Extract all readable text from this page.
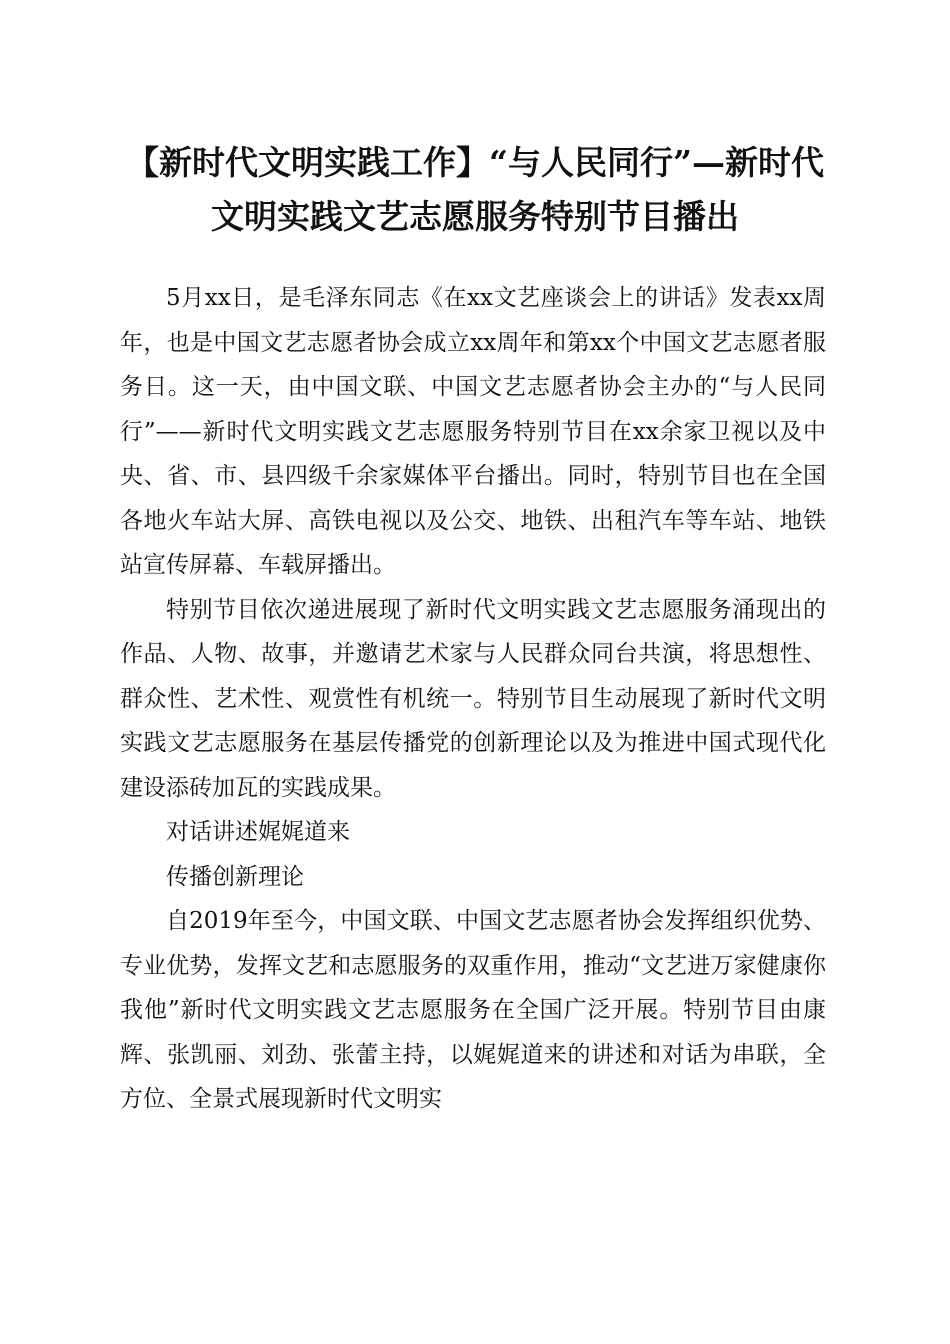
【新时代文明实践工作】“与人民同行”—新时代文明实践文艺志愿服务特别节目播出

5月xx日，是毛泽东同志《在xx文艺座谈会上的讲话》发表xx周年，也是中国文艺志愿者协会成立xx周年和第xx个中国文艺志愿者服务日。这一天，由中国文联、中国文艺志愿者协会主办的“与人民同行”——新时代文明实践文艺志愿服务特别节目在xx余家卫视以及中央、省、市、县四级千余家媒体平台播出。同时，特别节目也在全国各地火车站大屏、高铁电视以及公交、地铁、出租汽车等车站、地铁站宣传屏幕、车载屏播出。

特别节目依次递进展现了新时代文明实践文艺志愿服务涌现出的作品、人物、故事，并邀请艺术家与人民群众同台共演，将思想性、群众性、艺术性、观赏性有机统一。特别节目生动展现了新时代文明实践文艺志愿服务在基层传播党的创新理论以及为推进中国式现代化建设添砖加瓦的实践成果。

对话讲述娓娓道来

传播创新理论

自2019年至今，中国文联、中国文艺志愿者协会发挥组织优势、专业优势，发挥文艺和志愿服务的双重作用，推动“文艺进万家健康你我他”新时代文明实践文艺志愿服务在全国广泛开展。特别节目由康辉、张凯丽、刘劲、张蕾主持，以娓娓道来的讲述和对话为串联，全方位、全景式展现新时代文明实
